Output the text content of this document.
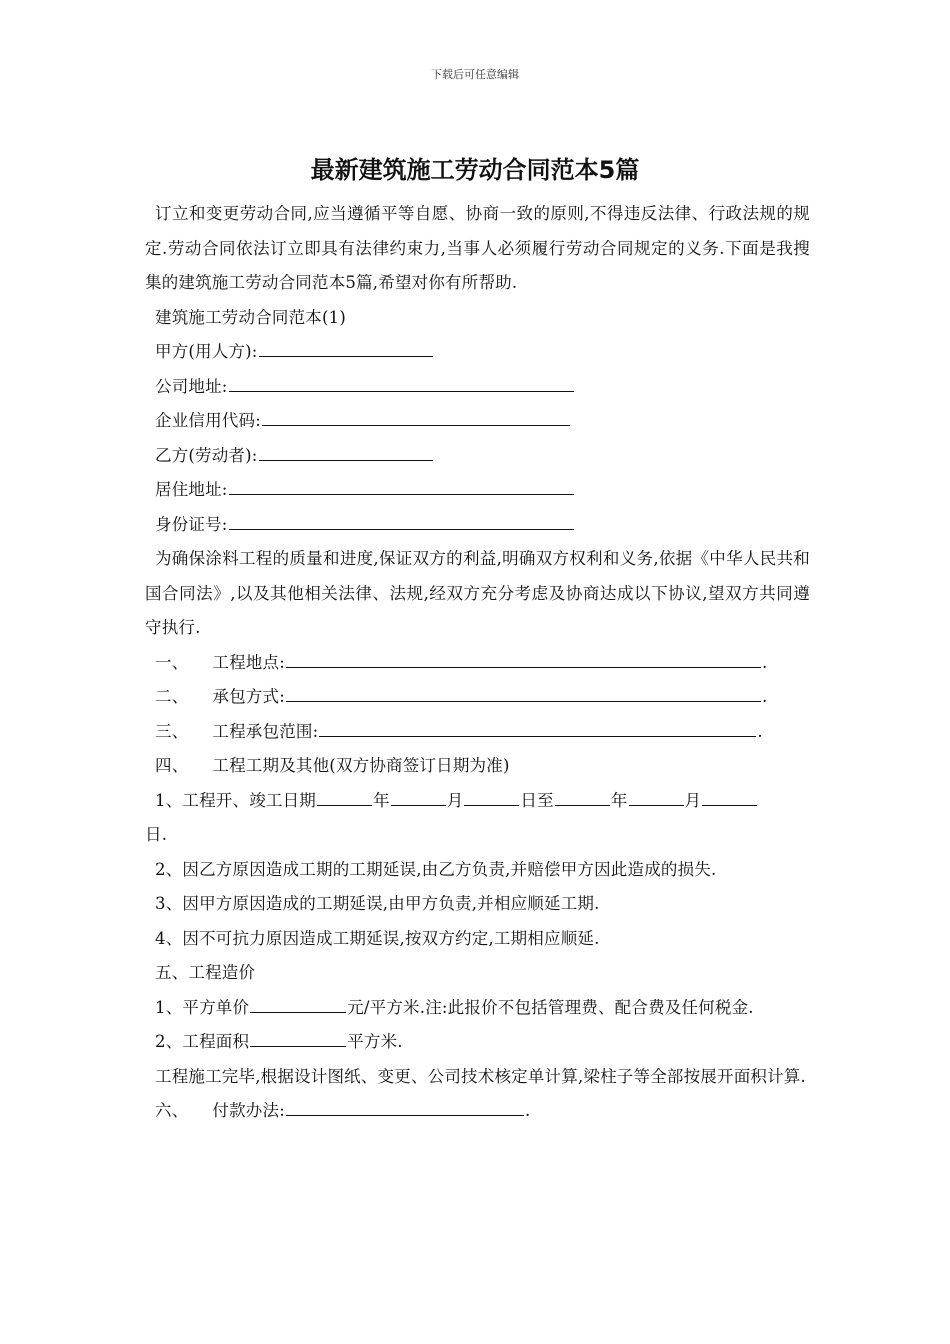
下载后可任意编辑
最新建筑施工劳动合同范本5篇

订立和变更劳动合同,应当遵循平等自愿、协商一致的原则,不得违反法律、行政法规的规定.劳动合同依法订立即具有法律约束力,当事人必须履行劳动合同规定的义务.下面是我搜集的建筑施工劳动合同范本5篇,希望对你有所帮助.

建筑施工劳动合同范本(1)

甲方(用人方):

公司地址:

企业信用代码:

乙方(劳动者):

居住地址:

身份证号:

为确保涂料工程的质量和进度,保证双方的利益,明确双方权利和义务,依据《中华人民共和国合同法》,以及其他相关法律、法规,经双方充分考虑及协商达成以下协议,望双方共同遵守执行.

一、 工程地点:	.

二、 承包方式:	.

三、 工程承包范围:	.

四、 工程工期及其他(双方协商签订日期为准)

1、工程开、竣工日期	年	月	日至	年	月

日.

2、因乙方原因造成工期的工期延误,由乙方负责,并赔偿甲方因此造成的损失.

3、因甲方原因造成的工期延误,由甲方负责,并相应顺延工期.

4、因不可抗力原因造成工期延误,按双方约定,工期相应顺延.

五、工程造价

1、平方单价	元/平方米.注:此报价不包括管理费、配合费及任何税金.

2、工程面积	平方米.

工程施工完毕,根据设计图纸、变更、公司技术核定单计算,梁柱子等全部按展开面积计算.

六、 付款办法:	.
